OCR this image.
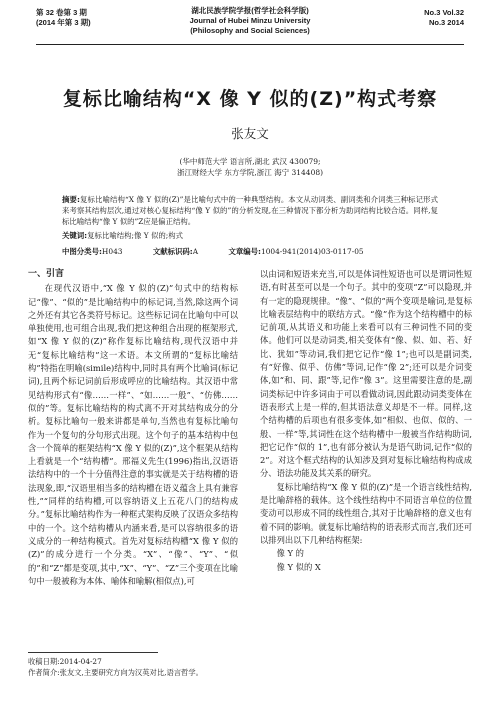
第 32 卷第 3 期
(2014 年第 3 期)
湖北民族学院学报(哲学社会科学版)
Journal of Hubei Minzu University
(Philosophy and Social Sciences)
No.3 Vol.32
No.3 2014
复标比喻结构“X 像 Y 似的(Z)”构式考察
张友文
(华中师范大学 语言所,湖北 武汉 430079;
浙江财经大学 东方学院,浙江 海宁 314408)
摘要:复标比喻结构“X 像 Y 似的(Z)”是比喻句式中的一种典型结构。本文从动词类、副词类和介词类三种标记形式来考察其结构层次,通过对核心复标结构“像 Y 似的”的分析发现,在三种情况下都分析为助词结构比较合适。同样,复标比喻结构“像 Y 似的”Z应是偏正结构。
关键词:复标比喻结构;像 Y 似的;构式
中图分类号:H043	文献标识码:A	文章编号:1004-941(2014)03-0117-05
一、引言

在现代汉语中,“X 像 Y 似的(Z)”句式中的结构标记“像”、“似的”是比喻结构中的标记词,当然,除这两个词之外还有其它各类符号标记。这些标记词在比喻句中可以单独使用,也可组合出现,我们把这种组合出现的框架形式,如“X 像 Y 似的(Z)”称作复标比喻结构,现代汉语中并无“复标比喻结构”这一术语。本文所谓的“复标比喻结构”特指在明喻(simile)结构中,同时具有两个比喻词(标记词),且两个标记词前后形成呼应的比喻结构。其汉语中常见结构形式有“像……一样”、“如……一般”、“仿佛……似的”等。复标比喻结构的构式离不开对其结构成分的分析。复标比喻句一般来讲都是单句,当然也有复标比喻句作为一个复句的分句形式出现。这个句子的基本结构中包含一个简单的框架结构“X 像 Y 似的(Z)”,这个框架从结构上看就是一个“结构槽”。邢福义先生(1996)指出,汉语语法结构中的一个十分值得注意的事实就是关于结构槽的语法现象,即,“汉语里相当多的结构槽在语义蕴含上具有兼容性,”“同样的结构槽,可以容纳语义上五花八门的结构成分。”复标比喻结构作为一种框式架构反映了汉语众多结构中的一个。这个结构槽从内涵来看,是可以容纳很多的语义成分的一种结构模式。首先对复标结构槽“X 像 Y 似的(Z)”的成分进行一个分类。“X”、“像”、“Y”、“似的”和“Z”都是变项,其中,“X”、“Y”、“Z”三个变项在比喻句中一般被称为本体、喻体和喻解(相似点),可

以由词和短语来充当,可以是体词性短语也可以是谓词性短语,有时甚至可以是一个句子。其中的变项“Z”可以隐现,并有一定的隐现规律。“像”、“似的”两个变项是喻词,是复标比喻表层结构中的联结方式。“像”作为这个结构槽中的标记前项,从其语义和功能上来看可以有三种词性不同的变体。他们可以是动词类,相关变体有“像、似、如、若、好比、犹如”等动词,我们把它记作“像 1”;也可以是副词类,有“好像、似乎、仿佛”等词,记作“像 2”;还可以是介词变体,如“和、同、跟”等,记作“像 3”。这里需要注意的是,副词类标记中许多词由于可以看做动词,因此跟动词类变体在语表形式上是一样的,但其语法意义却是不一样。同样,这个结构槽的后项也有很多变体,如“相似、也似、似的、一般、一样”等,其词性在这个结构槽中一般被当作结构助词,把它记作“似的 1”,也有部分被认为是语气助词,记作“似的 2”。对这个框式结构的认知涉及到对复标比喻结构构成成分、语法功能及其关系的研究。

复标比喻结构“X 像 Y 似的(Z)”是一个语言线性结构,是比喻辞格的载体。这个线性结构中不同语言单位的位置变动可以形成不同的线性组合,其对于比喻辞格的意义也有着不同的影响。就复标比喻结构的语表形式而言,我们还可以排列出以下几种结构框架:

像 Y 的

像 Y 似的 X

收稿日期:2014-04-27
作者简介:张友文,主要研究方向为汉英对比,语言哲学。
